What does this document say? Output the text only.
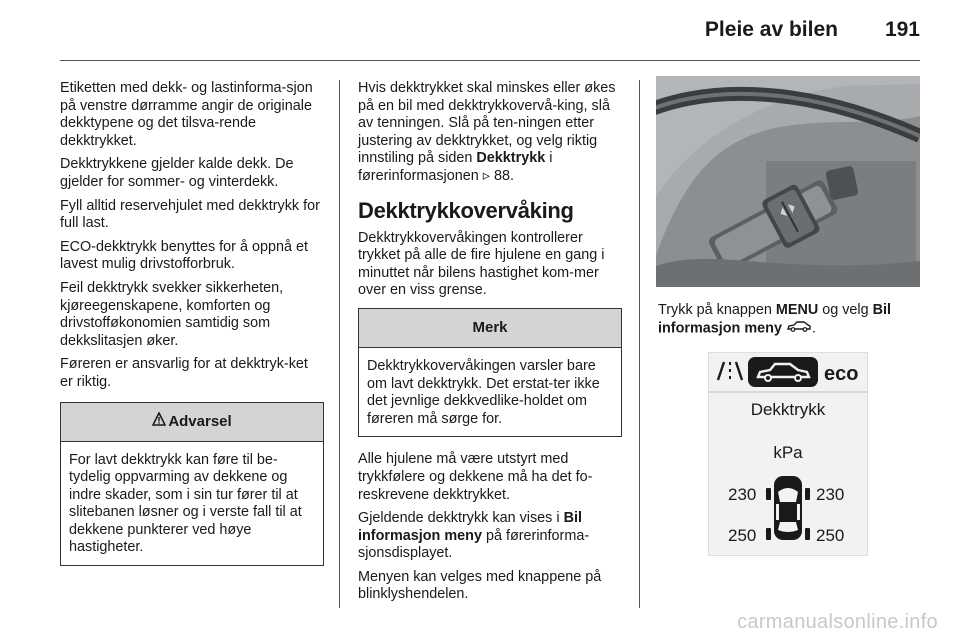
Pleie av bilen 191

Etiketten med dekk- og lastinforma-sjon på venstre dørramme angir de originale dekktypene og det tilsva-rende dekktrykket.

Dekktrykkene gjelder kalde dekk. De gjelder for sommer- og vinterdekk.

Fyll alltid reservehjulet med dekktrykk for full last.

ECO-dekktrykk benyttes for å oppnå et lavest mulig drivstofforbruk.

Feil dekktrykk svekker sikkerheten, kjøreegenskapene, komforten og drivstofføkonomien samtidig som dekkslitasjen øker.

Føreren er ansvarlig for at dekktryk-ket er riktig.

Advarsel
For lavt dekktrykk kan føre til be-tydelig oppvarming av dekkene og indre skader, som i sin tur fører til at slitebanen løsner og i verste fall til at dekkene punkterer ved høye hastigheter.

Hvis dekktrykket skal minskes eller økes på en bil med dekktrykkovervå-king, slå av tenningen. Slå på ten-ningen etter justering av dekktrykket, og velg riktig innstiling på siden Dekktrykk i førerinformasjonen ▹ 88.

Dekktrykkovervåking

Dekktrykkovervåkingen kontrollerer trykket på alle de fire hjulene en gang i minuttet når bilens hastighet kom-mer over en viss grense.

Merk
Dekktrykkovervåkingen varsler bare om lavt dekktrykk. Det erstat-ter ikke det jevnlige dekkvedlike-holdet om føreren må sørge for.

Alle hjulene må være utstyrt med trykkfølere og dekkene må ha det fo-reskrevene dekktrykket.

Gjeldende dekktrykk kan vises i Bil informasjon meny på førerinforma-sjonsdisplayet.

Menyen kan velges med knappene på blinklyshendelen.

Trykk på knappen MENU og velg Bil informasjon meny .

eco
Dekktrykk
kPa
230	230
250	250
carmanualsonline.info
